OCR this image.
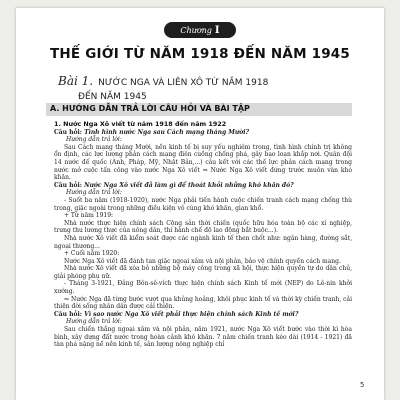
Chương I
THẾ GIỚI TỪ NĂM 1918 ĐẾN NĂM 1945
Bài 1. NƯỚC NGA VÀ LIÊN XÔ TỪ NĂM 1918
ĐẾN NĂM 1945
A. HƯỚNG DẪN TRẢ LỜI CÂU HỎI VÀ BÀI TẬP

1. Nước Nga Xô viết từ năm 1918 đến năm 1922

Câu hỏi: Tình hình nước Nga sau Cách mạng tháng Mười?

Hướng dẫn trả lời:

Sau Cách mạng tháng Mười, nền kinh tế bị suy yếu nghiêm trọng, tình hình chính trị không ổn định, các lực lượng phản cách mạng điên cuồng chống phá, gây bạo loạn khắp nơi. Quân đội 14 nước đế quốc (Anh, Pháp, Mỹ, Nhật Bản,...) câu kết với các thế lực phản cách mạng trong nước mở cuộc tấn công vào nước Nga Xô viết ⇒ Nước Nga Xô viết đứng trước muôn vàn khó khăn.

Câu hỏi: Nước Nga Xô viết đã làm gì để thoát khỏi những khó khăn đó?

Hướng dẫn trả lời:

- Suốt ba năm (1918-1920), nước Nga phải tiến hành cuộc chiến tranh cách mạng chống thù trong, giặc ngoài trong những điều kiện vô cùng khó khăn, gian khổ.

+ Từ năm 1919:

Nhà nước thực hiện chính sách Cộng sản thời chiến (quốc hữu hóa toàn bộ các xí nghiệp, trưng thu lương thực của nông dân, thi hành chế độ lao động bắt buộc...).

Nhà nước Xô viết đã kiểm soát được các ngành kinh tế then chốt như: ngân hàng, đường sắt, ngoại thương...

+ Cuối năm 1920:

Nước Nga Xô viết đã đánh tan giặc ngoại xâm và nội phản, bảo vệ chính quyền cách mạng.

Nhà nước Xô viết đã xóa bỏ những bộ máy công trong xã hội, thực hiện quyền tự do dân chủ, giải phóng phụ nữ.

- Tháng 3-1921, Đảng Bôn-sê-vích thực hiện chính sách Kinh tế mới (NEP) do Lê-nin khởi xướng.

⇒ Nước Nga đã từng bước vượt qua khủng hoảng, khôi phục kinh tế và thời kỳ chiến tranh, cải thiện đời sống nhân dân được cải thiện.

Câu hỏi: Vì sao nước Nga Xô viết phải thực hiện chính sách Kinh tế mới?

Hướng dẫn trả lời:

Sau chiến thắng ngoại xâm và nội phản, năm 1921, nước Nga Xô viết bước vào thời kì hòa bình, xây dựng đất nước trong hoàn cảnh khó khăn. 7 năm chiến tranh kéo dài (1914 - 1921) đã tàn phá nặng nề nền kinh tế, sản lượng nông nghiệp chỉ

5
